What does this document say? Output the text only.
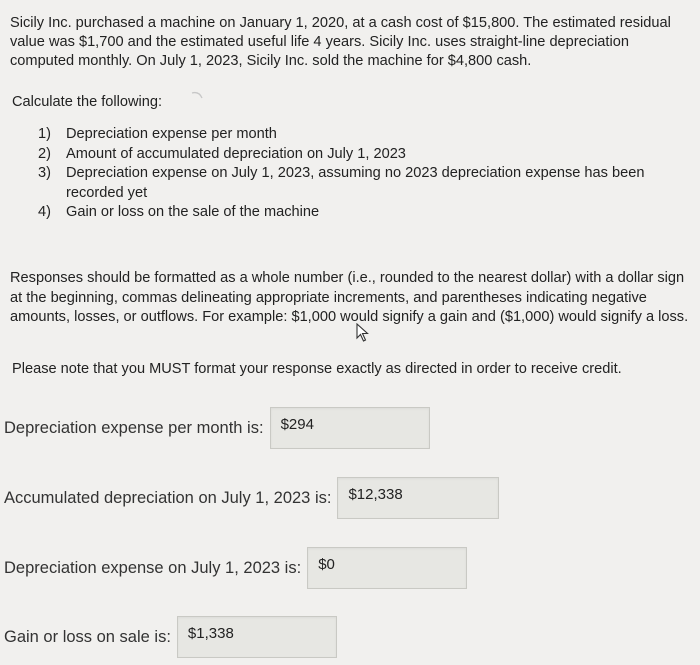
Sicily Inc. purchased a machine on January 1, 2020, at a cash cost of $15,800. The estimated residual value was $1,700 and the estimated useful life 4 years. Sicily Inc. uses straight-line depreciation computed monthly. On July 1, 2023, Sicily Inc. sold the machine for $4,800 cash.

Calculate the following:
1)	Depreciation expense per month
2)	Amount of accumulated depreciation on July 1, 2023
3)	Depreciation expense on July 1, 2023, assuming no 2023 depreciation expense has been recorded yet
4)	Gain or loss on the sale of the machine
Responses should be formatted as a whole number (i.e., rounded to the nearest dollar) with a dollar sign at the beginning, commas delineating appropriate increments, and parentheses indicating negative amounts, losses, or outflows. For example: $1,000 would signify a gain and ($1,000) would signify a loss.
Please note that you MUST format your response exactly as directed in order to receive credit.
Depreciation expense per month is:	$294
Accumulated depreciation on July 1, 2023 is:	$12,338
Depreciation expense on July 1, 2023 is:	$0
Gain or loss on sale is:	$1,338
